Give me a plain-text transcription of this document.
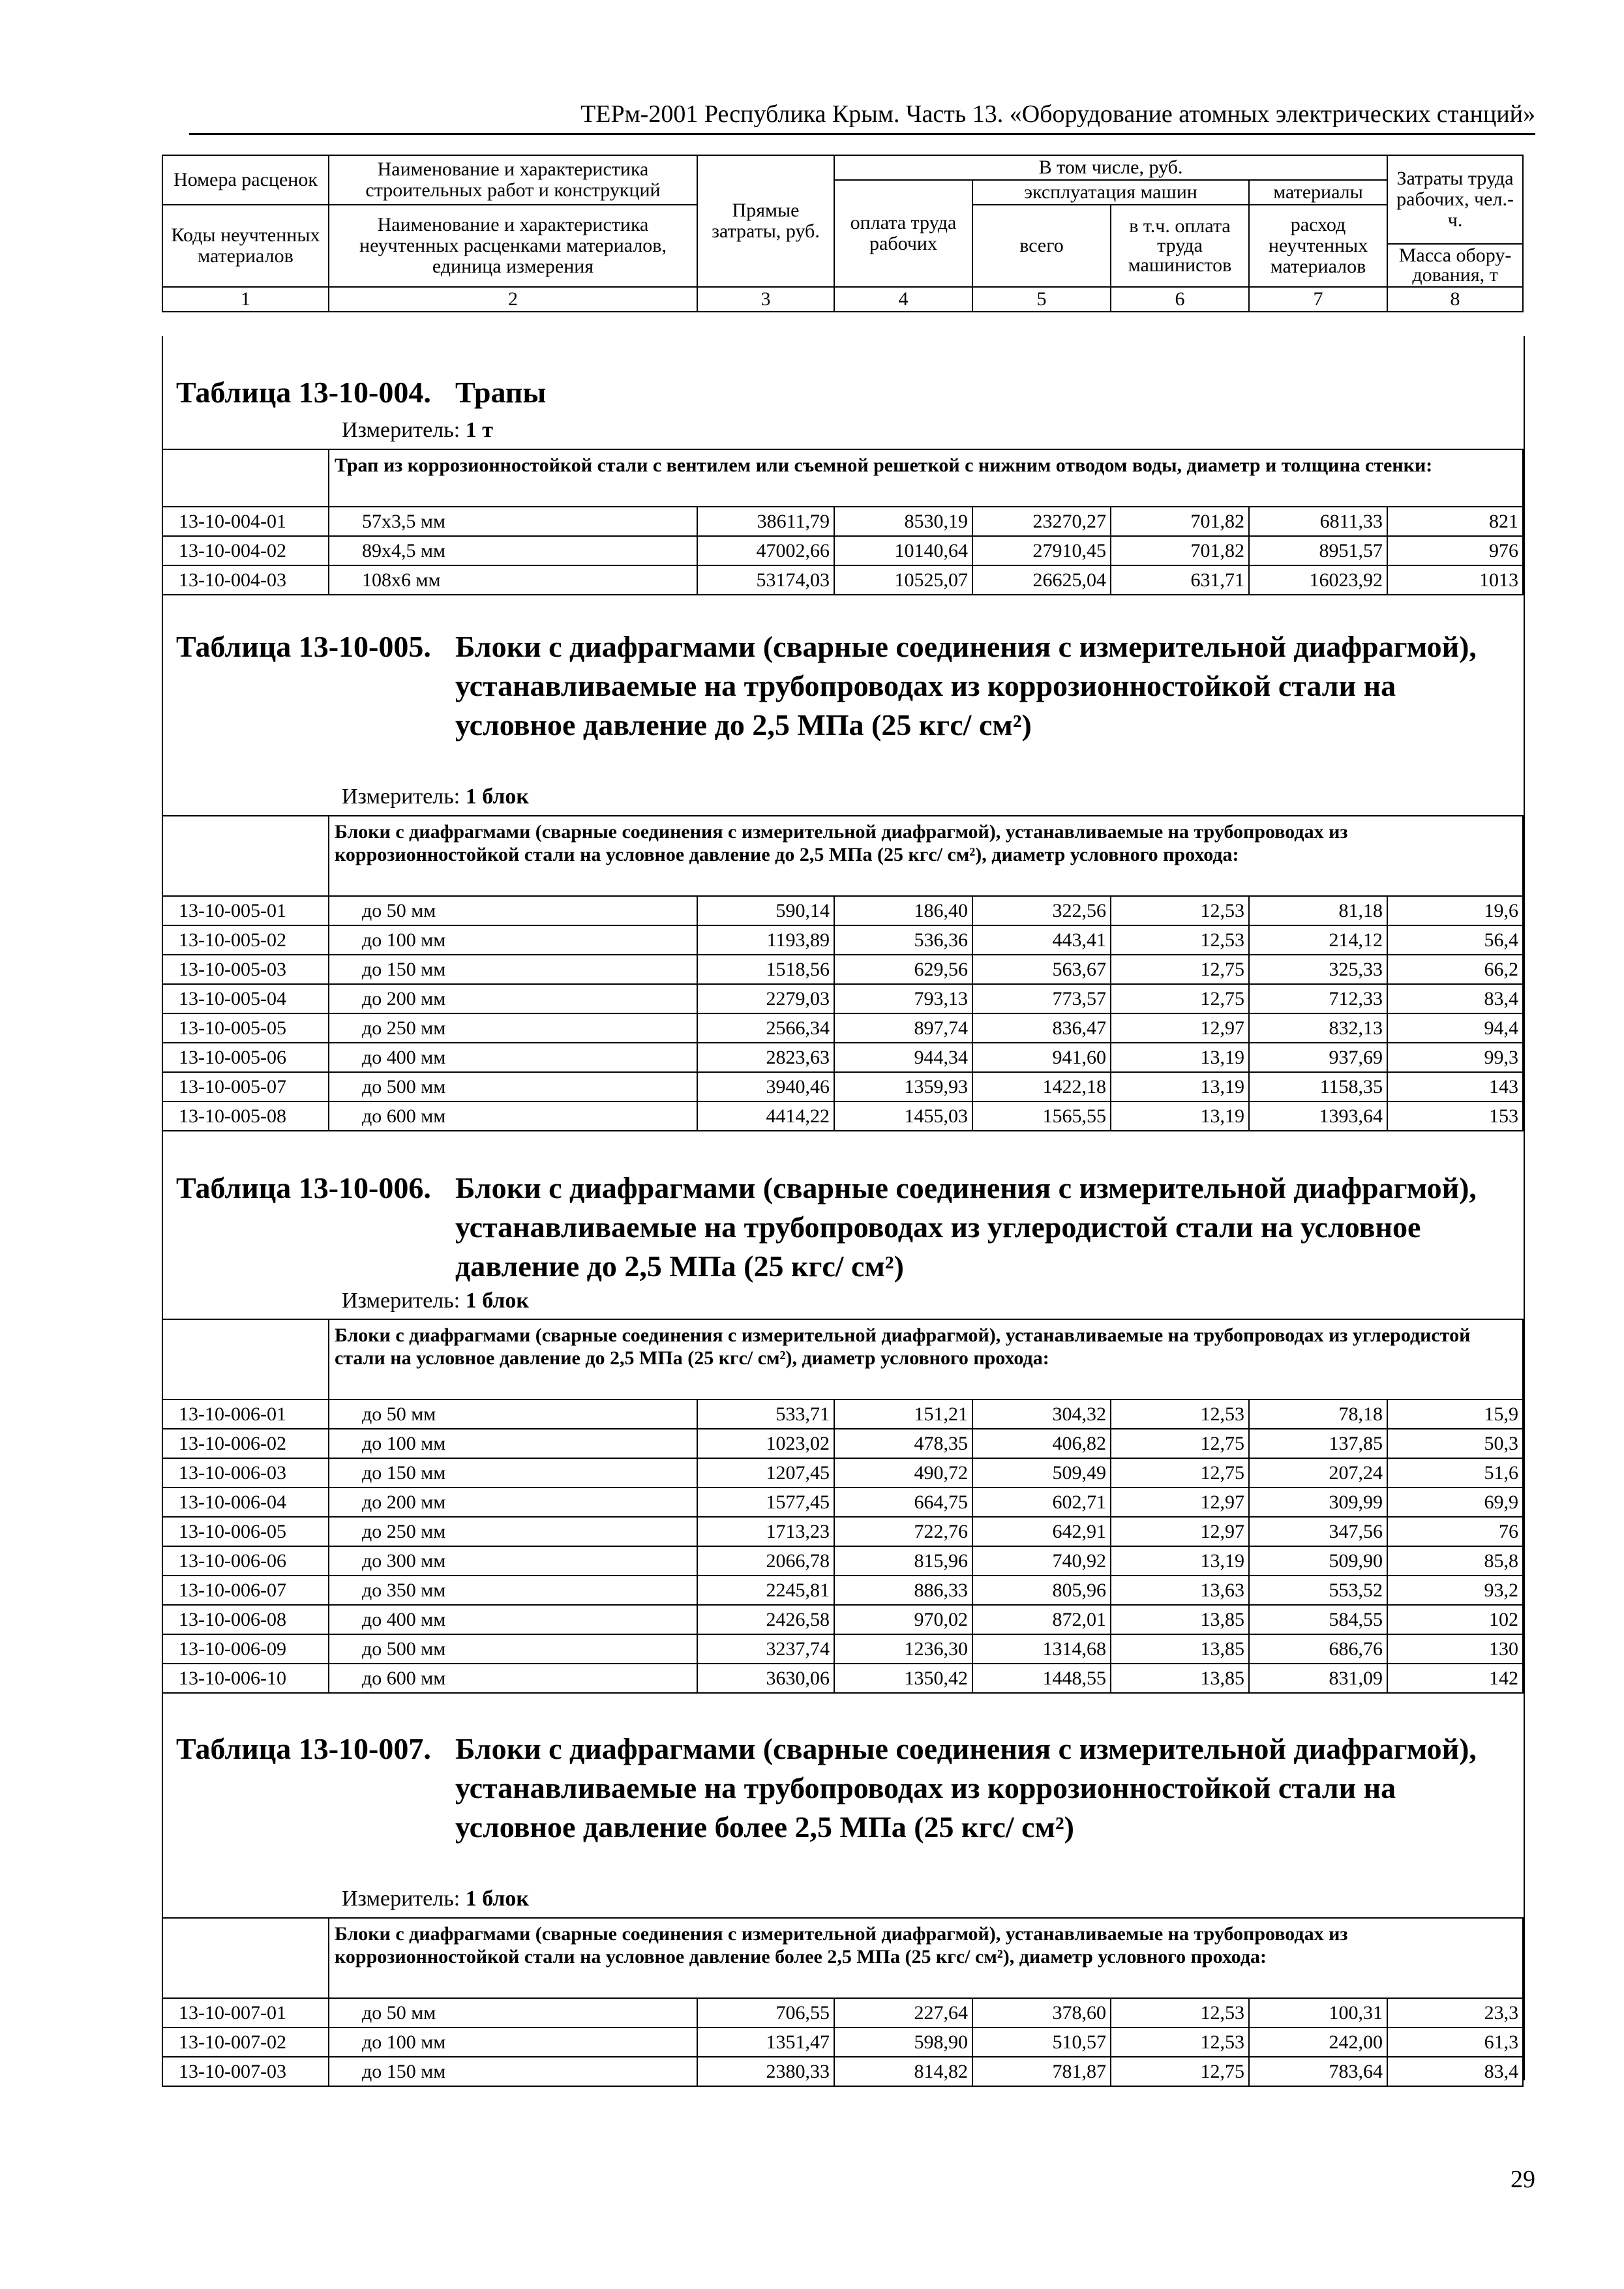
ТЕРм-2001 Республика Крым. Часть 13. «Оборудование атомных электрических станций»
Номера расценок	Наименование и характеристика строительных работ и конструкций	Прямые затраты, руб.	В том числе, руб.				Затраты труда рабочих, чел.-ч.
			оплата труда рабочих	эксплуатация машин		материалы	
Коды неучтенных материалов	Наименование и характеристика неучтенных расценками материалов, единица измерения			всего	в т.ч. оплата труда машинистов	расход неучтенных материалов	
							Масса обору-дования, т
1	2	3	4	5	6	7	8
Таблица 13-10-004. Трапы
Измеритель: 1 т
	Трап из коррозионностойкой стали с вентилем или съемной решеткой с нижним отводом воды, диаметр и толщина стенки:						
13-10-004-01	57х3,5 мм	38611,79	8530,19	23270,27	701,82	6811,33	821
13-10-004-02	89х4,5 мм	47002,66	10140,64	27910,45	701,82	8951,57	976
13-10-004-03	108х6 мм	53174,03	10525,07	26625,04	631,71	16023,92	1013
Таблица 13-10-005. Блоки с диафрагмами (сварные соединения с измерительной диафрагмой), устанавливаемые на трубопроводах из коррозионностойкой стали на условное давление до 2,5 МПа (25 кгс/ см²)
Измеритель: 1 блок
	Блоки с диафрагмами (сварные соединения с измерительной диафрагмой), устанавливаемые на трубопроводах из коррозионностойкой стали на условное давление до 2,5 МПа (25 кгс/ см²), диаметр условного прохода:						
13-10-005-01	до 50 мм	590,14	186,40	322,56	12,53	81,18	19,6
13-10-005-02	до 100 мм	1193,89	536,36	443,41	12,53	214,12	56,4
13-10-005-03	до 150 мм	1518,56	629,56	563,67	12,75	325,33	66,2
13-10-005-04	до 200 мм	2279,03	793,13	773,57	12,75	712,33	83,4
13-10-005-05	до 250 мм	2566,34	897,74	836,47	12,97	832,13	94,4
13-10-005-06	до 400 мм	2823,63	944,34	941,60	13,19	937,69	99,3
13-10-005-07	до 500 мм	3940,46	1359,93	1422,18	13,19	1158,35	143
13-10-005-08	до 600 мм	4414,22	1455,03	1565,55	13,19	1393,64	153
Таблица 13-10-006. Блоки с диафрагмами (сварные соединения с измерительной диафрагмой), устанавливаемые на трубопроводах из углеродистой стали на условное давление до 2,5 МПа (25 кгс/ см²)
Измеритель: 1 блок
	Блоки с диафрагмами (сварные соединения с измерительной диафрагмой), устанавливаемые на трубопроводах из углеродистой стали на условное давление до 2,5 МПа (25 кгс/ см²), диаметр условного прохода:						
13-10-006-01	до 50 мм	533,71	151,21	304,32	12,53	78,18	15,9
13-10-006-02	до 100 мм	1023,02	478,35	406,82	12,75	137,85	50,3
13-10-006-03	до 150 мм	1207,45	490,72	509,49	12,75	207,24	51,6
13-10-006-04	до 200 мм	1577,45	664,75	602,71	12,97	309,99	69,9
13-10-006-05	до 250 мм	1713,23	722,76	642,91	12,97	347,56	76
13-10-006-06	до 300 мм	2066,78	815,96	740,92	13,19	509,90	85,8
13-10-006-07	до 350 мм	2245,81	886,33	805,96	13,63	553,52	93,2
13-10-006-08	до 400 мм	2426,58	970,02	872,01	13,85	584,55	102
13-10-006-09	до 500 мм	3237,74	1236,30	1314,68	13,85	686,76	130
13-10-006-10	до 600 мм	3630,06	1350,42	1448,55	13,85	831,09	142
Таблица 13-10-007. Блоки с диафрагмами (сварные соединения с измерительной диафрагмой), устанавливаемые на трубопроводах из коррозионностойкой стали на условное давление более 2,5 МПа (25 кгс/ см²)
Измеритель: 1 блок
	Блоки с диафрагмами (сварные соединения с измерительной диафрагмой), устанавливаемые на трубопроводах из коррозионностойкой стали на условное давление более 2,5 МПа (25 кгс/ см²), диаметр условного прохода:						
13-10-007-01	до 50 мм	706,55	227,64	378,60	12,53	100,31	23,3
13-10-007-02	до 100 мм	1351,47	598,90	510,57	12,53	242,00	61,3
13-10-007-03	до 150 мм	2380,33	814,82	781,87	12,75	783,64	83,4
29
